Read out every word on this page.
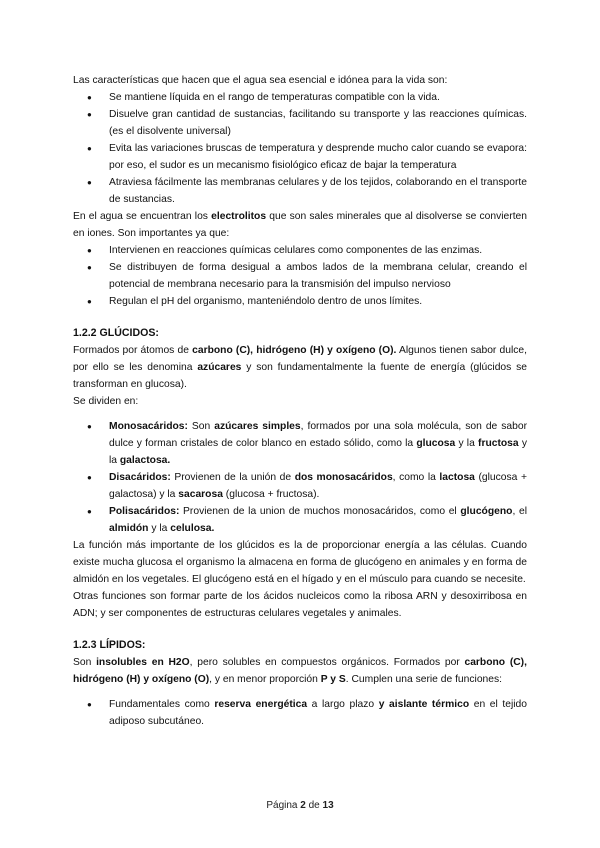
Las características que hacen que el agua sea esencial e idónea para la vida son:

● Se mantiene líquida en el rango de temperaturas compatible con la vida.
● Disuelve gran cantidad de sustancias, facilitando su transporte y las reacciones químicas. (es el disolvente universal)
● Evita las variaciones bruscas de temperatura y desprende mucho calor cuando se evapora: por eso, el sudor es un mecanismo fisiológico eficaz de bajar la temperatura
● Atraviesa fácilmente las membranas celulares y de los tejidos, colaborando en el transporte de sustancias.

En el agua se encuentran los electrolitos que son sales minerales que al disolverse se convierten en iones. Son importantes ya que:

● Intervienen en reacciones químicas celulares como componentes de las enzimas.
● Se distribuyen de forma desigual a ambos lados de la membrana celular, creando el potencial de membrana necesario para la transmisión del impulso nervioso
● Regulan el pH del organismo, manteniéndolo dentro de unos límites.
1.2.2 GLÚCIDOS:

Formados por átomos de carbono (C), hidrógeno (H) y oxígeno (O). Algunos tienen sabor dulce, por ello se les denomina azúcares y son fundamentalmente la fuente de energía (glúcidos se transforman en glucosa).

Se dividen en:

● Monosacáridos: Son azúcares simples, formados por una sola molécula, son de sabor dulce y forman cristales de color blanco en estado sólido, como la glucosa y la fructosa y la galactosa.
● Disacáridos: Provienen de la unión de dos monosacáridos, como la lactosa (glucosa + galactosa) y la sacarosa (glucosa + fructosa).
● Polisacáridos: Provienen de la union de muchos monosacáridos, como el glucógeno, el almidón y la celulosa.

La función más importante de los glúcidos es la de proporcionar energía a las células. Cuando existe mucha glucosa el organismo la almacena en forma de glucógeno en animales y en forma de almidón en los vegetales. El glucógeno está en el hígado y en el músculo para cuando se necesite.

Otras funciones son formar parte de los ácidos nucleicos como la ribosa ARN y desoxirribosa en ADN; y ser componentes de estructuras celulares vegetales y animales.

1.2.3 LÍPIDOS:

Son insolubles en H2O, pero solubles en compuestos orgánicos. Formados por carbono (C), hidrógeno (H) y oxígeno (O), y en menor proporción P y S. Cumplen una serie de funciones:

● Fundamentales como reserva energética a largo plazo y aislante térmico en el tejido adiposo subcutáneo.
Página 2 de 13
